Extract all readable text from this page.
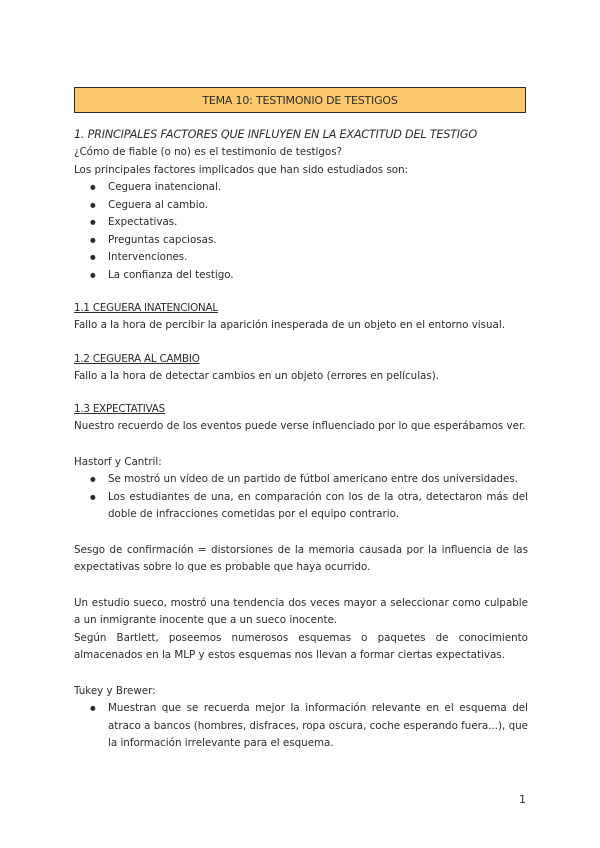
TEMA 10: TESTIMONIO DE TESTIGOS

1. PRINCIPALES FACTORES QUE INFLUYEN EN LA EXACTITUD DEL TESTIGO

¿Cómo de fiable (o no) es el testimonio de testigos?

Los principales factores implicados que han sido estudiados son:

● Ceguera inatencional.
● Ceguera al cambio.
● Expectativas.
● Preguntas capciosas.
● Intervenciones.
● La confianza del testigo.

1.1 CEGUERA INATENCIONAL

Fallo a la hora de percibir la aparición inesperada de un objeto en el entorno visual.

1.2 CEGUERA AL CAMBIO

Fallo a la hora de detectar cambios en un objeto (errores en películas).

1.3 EXPECTATIVAS

Nuestro recuerdo de los eventos puede verse influenciado por lo que esperábamos ver.

Hastorf y Cantril:

● Se mostró un vídeo de un partido de fútbol americano entre dos universidades.
● Los estudiantes de una, en comparación con los de la otra, detectaron más del doble de infracciones cometidas por el equipo contrario.

Sesgo de confirmación = distorsiones de la memoria causada por la influencia de las expectativas sobre lo que es probable que haya ocurrido.

Un estudio sueco, mostró una tendencia dos veces mayor a seleccionar como culpable a un inmigrante inocente que a un sueco inocente.

Según Bartlett, poseemos numerosos esquemas o paquetes de conocimiento almacenados en la MLP y estos esquemas nos llevan a formar ciertas expectativas.

Tukey y Brewer:

● Muestran que se recuerda mejor la información relevante en el esquema del atraco a bancos (hombres, disfraces, ropa oscura, coche esperando fuera...), que la información irrelevante para el esquema.
1
